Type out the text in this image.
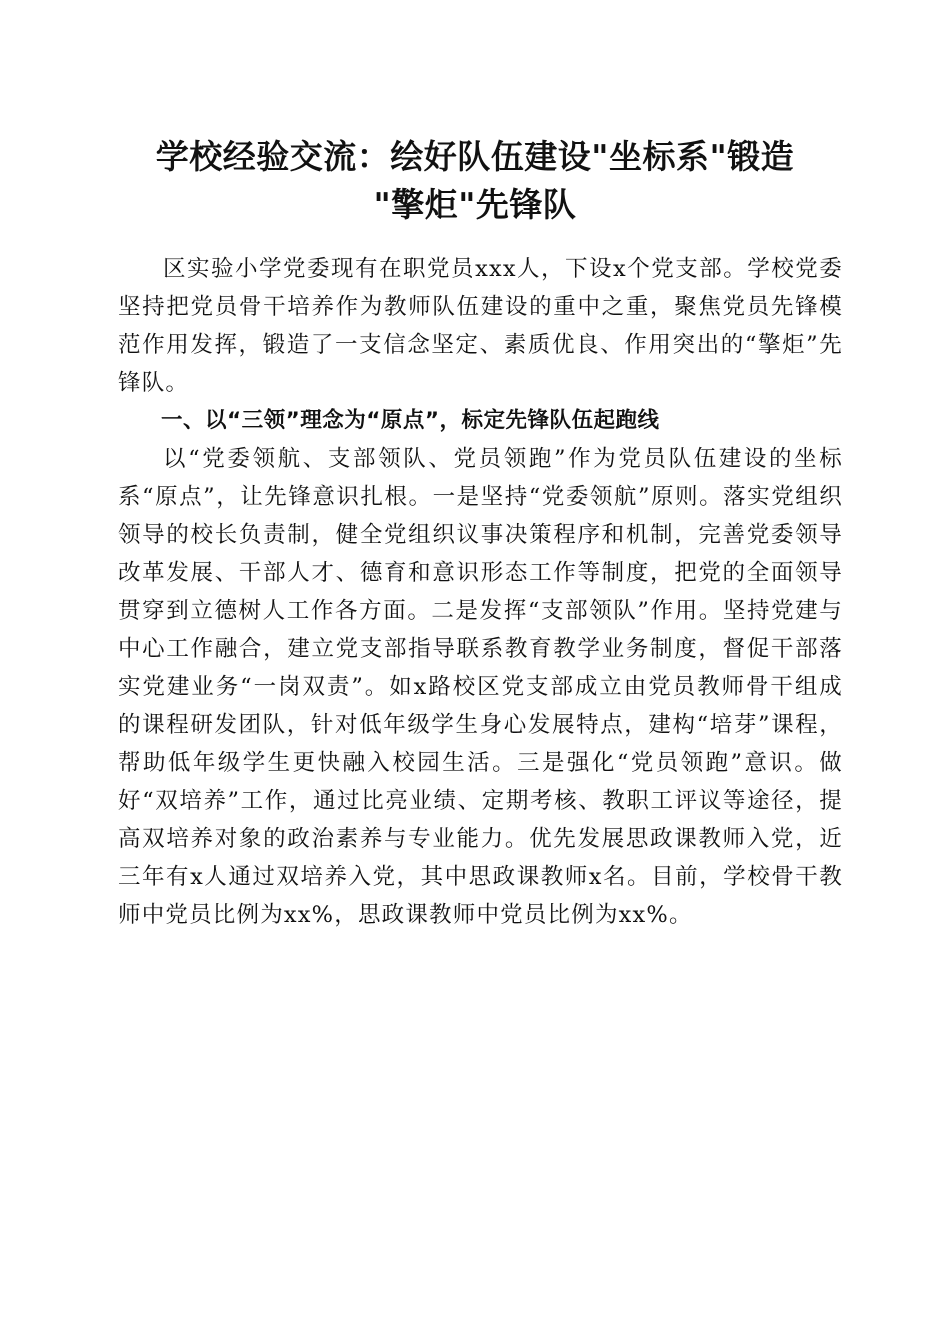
学校经验交流：绘好队伍建设"坐标系"锻造
"擎炬"先锋队

区实验小学党委现有在职党员xxx人，下设x个党支部。学校党委坚持把党员骨干培养作为教师队伍建设的重中之重，聚焦党员先锋模范作用发挥，锻造了一支信念坚定、素质优良、作用突出的“擎炬”先锋队。

一、以“三领”理念为“原点”，标定先锋队伍起跑线

以“党委领航、支部领队、党员领跑”作为党员队伍建设的坐标系“原点”，让先锋意识扎根。一是坚持“党委领航”原则。落实党组织领导的校长负责制，健全党组织议事决策程序和机制，完善党委领导改革发展、干部人才、德育和意识形态工作等制度，把党的全面领导贯穿到立德树人工作各方面。二是发挥“支部领队”作用。坚持党建与中心工作融合，建立党支部指导联系教育教学业务制度，督促干部落实党建业务“一岗双责”。如x路校区党支部成立由党员教师骨干组成的课程研发团队，针对低年级学生身心发展特点，建构“培芽”课程，帮助低年级学生更快融入校园生活。三是强化“党员领跑”意识。做好“双培养”工作，通过比亮业绩、定期考核、教职工评议等途径，提高双培养对象的政治素养与专业能力。优先发展思政课教师入党，近三年有x人通过双培养入党，其中思政课教师x名。目前，学校骨干教师中党员比例为xx%，思政课教师中党员比例为xx%。
